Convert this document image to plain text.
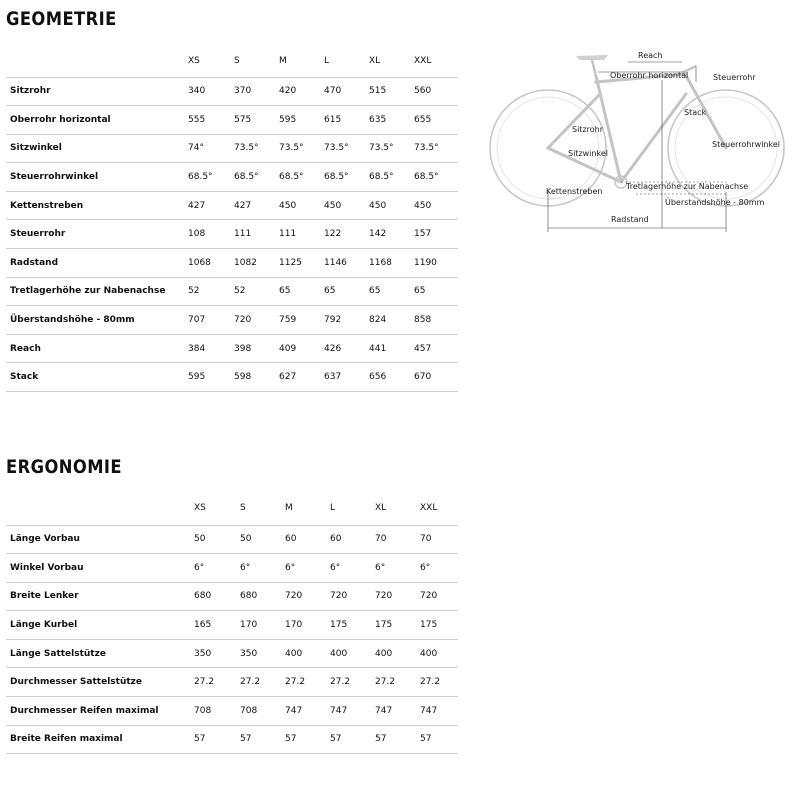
GEOMETRIE
	XS	S	M	L	XL	XXL
Sitzrohr	340	370	420	470	515	560
Oberrohr horizontal	555	575	595	615	635	655
Sitzwinkel	74°	73.5°	73.5°	73.5°	73.5°	73.5°
Steuerrohrwinkel	68.5°	68.5°	68.5°	68.5°	68.5°	68.5°
Kettenstreben	427	427	450	450	450	450
Steuerrohr	108	111	111	122	142	157
Radstand	1068	1082	1125	1146	1168	1190
Tretlagerhöhe zur Nabenachse	52	52	65	65	65	65
Überstandshöhe - 80mm	707	720	759	792	824	858
Reach	384	398	409	426	441	457
Stack	595	598	627	637	656	670
ERGONOMIE
	XS	S	M	L	XL	XXL
Länge Vorbau	50	50	60	60	70	70
Winkel Vorbau	6°	6°	6°	6°	6°	6°
Breite Lenker	680	680	720	720	720	720
Länge Kurbel	165	170	170	175	175	175
Länge Sattelstütze	350	350	400	400	400	400
Durchmesser Sattelstütze	27.2	27.2	27.2	27.2	27.2	27.2
Durchmesser Reifen maximal	708	708	747	747	747	747
Breite Reifen maximal	57	57	57	57	57	57
Reach
Oberrohr horizontal	Steuerrohr
Stack
Sitzrohr
Sitzwinkel
Steuerrohrwinkel
Kettenstreben
Tretlagerhöhe zur Nabenachse
Überstandshöhe - 80mm
Radstand
